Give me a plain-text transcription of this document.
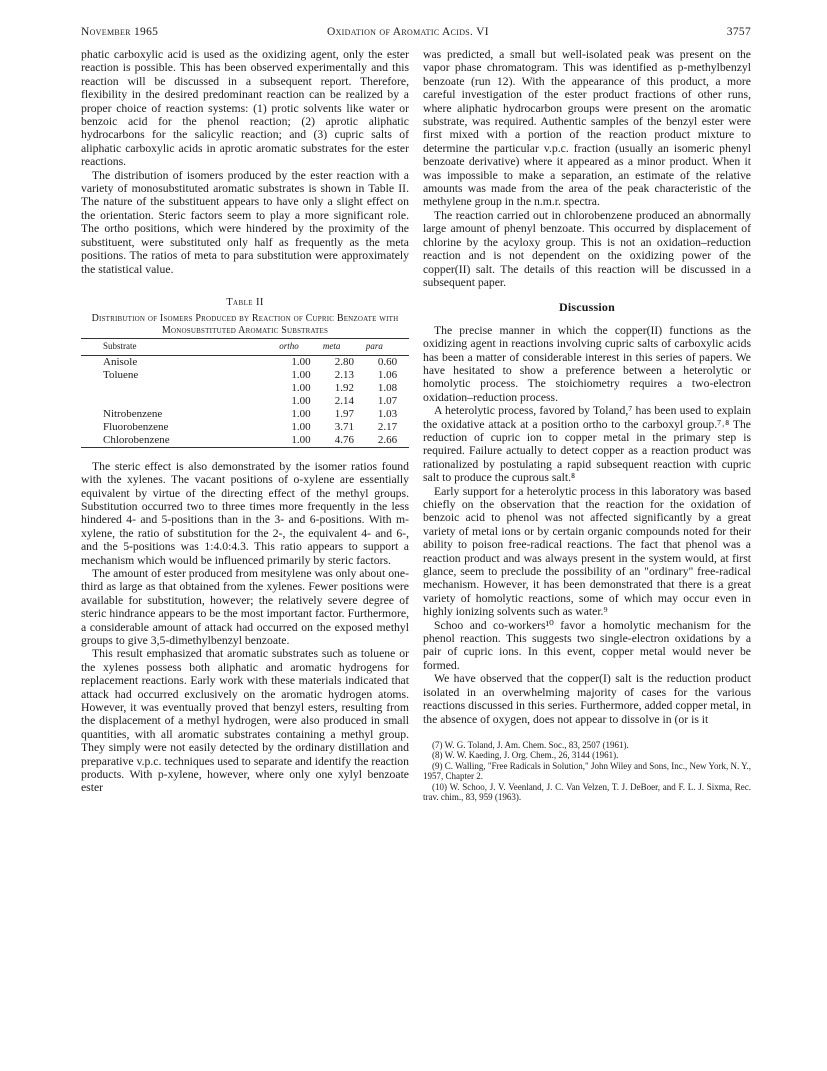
November 1965	Oxidation of Aromatic Acids. VI	3757

phatic carboxylic acid is used as the oxidizing agent, only the ester reaction is possible. This has been observed experimentally and this reaction will be discussed in a subsequent report. Therefore, flexibility in the desired predominant reaction can be realized by a proper choice of reaction systems: (1) protic solvents like water or benzoic acid for the phenol reaction; (2) aprotic aliphatic hydrocarbons for the salicylic reaction; and (3) cupric salts of aliphatic carboxylic acids in aprotic aromatic substrates for the ester reactions.

The distribution of isomers produced by the ester reaction with a variety of monosubstituted aromatic substrates is shown in Table II. The nature of the substituent appears to have only a slight effect on the orientation. Steric factors seem to play a more significant role. The ortho positions, which were hindered by the proximity of the substituent, were substituted only half as frequently as the meta positions. The ratios of meta to para substitution were approximately the statistical value.

Table II
Distribution of Isomers Produced by Reaction of Cupric Benzoate with Monosubstituted Aromatic Substrates
Substrate	ortho	meta	para
Anisole	1.00	2.80	0.60
Toluene	1.00	2.13	1.06
	1.00	1.92	1.08
	1.00	2.14	1.07
Nitrobenzene	1.00	1.97	1.03
Fluorobenzene	1.00	3.71	2.17
Chlorobenzene	1.00	4.76	2.66

The steric effect is also demonstrated by the isomer ratios found with the xylenes. The vacant positions of o-xylene are essentially equivalent by virtue of the directing effect of the methyl groups. Substitution occurred two to three times more frequently in the less hindered 4- and 5-positions than in the 3- and 6-positions. With m-xylene, the ratio of substitution for the 2-, the equivalent 4- and 6-, and the 5-positions was 1:4.0:4.3. This ratio appears to support a mechanism which would be influenced primarily by steric factors.

The amount of ester produced from mesitylene was only about one-third as large as that obtained from the xylenes. Fewer positions were available for substitution, however; the relatively severe degree of steric hindrance appears to be the most important factor. Furthermore, a considerable amount of attack had occurred on the exposed methyl groups to give 3,5-dimethylbenzyl benzoate.

This result emphasized that aromatic substrates such as toluene or the xylenes possess both aliphatic and aromatic hydrogens for replacement reactions. Early work with these materials indicated that attack had occurred exclusively on the aromatic hydrogen atoms. However, it was eventually proved that benzyl esters, resulting from the displacement of a methyl hydrogen, were also produced in small quantities, with all aromatic substrates containing a methyl group. They simply were not easily detected by the ordinary distillation and preparative v.p.c. techniques used to separate and identify the reaction products. With p-xylene, however, where only one xylyl benzoate ester

was predicted, a small but well-isolated peak was present on the vapor phase chromatogram. This was identified as p-methylbenzyl benzoate (run 12). With the appearance of this product, a more careful investigation of the ester product fractions of other runs, where aliphatic hydrocarbon groups were present on the aromatic substrate, was required. Authentic samples of the benzyl ester were first mixed with a portion of the reaction product mixture to determine the particular v.p.c. fraction (usually an isomeric phenyl benzoate derivative) where it appeared as a minor product. When it was impossible to make a separation, an estimate of the relative amounts was made from the area of the peak characteristic of the methylene group in the n.m.r. spectra.

The reaction carried out in chlorobenzene produced an abnormally large amount of phenyl benzoate. This occurred by displacement of chlorine by the acyloxy group. This is not an oxidation–reduction reaction and is not dependent on the oxidizing power of the copper(II) salt. The details of this reaction will be discussed in a subsequent paper.

Discussion

The precise manner in which the copper(II) functions as the oxidizing agent in reactions involving cupric salts of carboxylic acids has been a matter of considerable interest in this series of papers. We have hesitated to show a preference between a heterolytic or homolytic process. The stoichiometry requires a two-electron oxidation–reduction process.

A heterolytic process, favored by Toland,⁷ has been used to explain the oxidative attack at a position ortho to the carboxyl group.⁷˒⁸ The reduction of cupric ion to copper metal in the primary step is required. Failure actually to detect copper as a reaction product was rationalized by postulating a rapid subsequent reaction with cupric salt to produce the cuprous salt.⁸

Early support for a heterolytic process in this laboratory was based chiefly on the observation that the reaction for the oxidation of benzoic acid to phenol was not affected significantly by a great variety of metal ions or by certain organic compounds noted for their ability to poison free-radical reactions. The fact that phenol was a reaction product and was always present in the system would, at first glance, seem to preclude the possibility of an "ordinary" free-radical mechanism. However, it has been demonstrated that there is a great variety of homolytic reactions, some of which may occur even in highly ionizing solvents such as water.⁹

Schoo and co-workers¹⁰ favor a homolytic mechanism for the phenol reaction. This suggests two single-electron oxidations by a pair of cupric ions. In this event, copper metal would never be formed.

We have observed that the copper(I) salt is the reduction product isolated in an overwhelming majority of cases for the various reactions discussed in this series. Furthermore, added copper metal, in the absence of oxygen, does not appear to dissolve in (or is it

(7) W. G. Toland, J. Am. Chem. Soc., 83, 2507 (1961).
(8) W. W. Kaeding, J. Org. Chem., 26, 3144 (1961).
(9) C. Walling, "Free Radicals in Solution," John Wiley and Sons, Inc., New York, N. Y., 1957, Chapter 2.
(10) W. Schoo, J. V. Veenland, J. C. Van Velzen, T. J. DeBoer, and F. L. J. Sixma, Rec. trav. chim., 83, 959 (1963).
